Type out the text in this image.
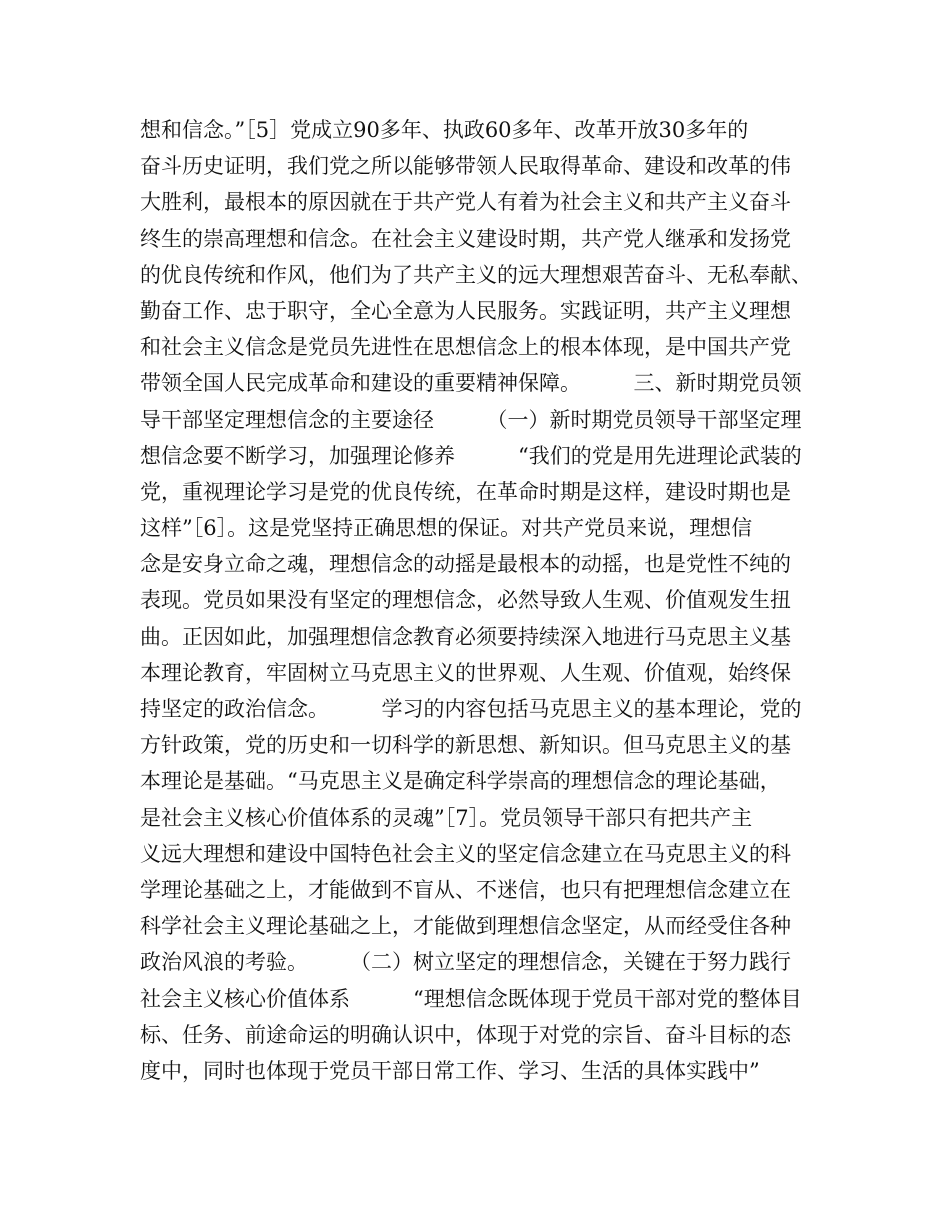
想和信念。”［5］党成立90多年、执政60多年、改革开放30多年的
奋斗历史证明，我们党之所以能够带领人民取得革命、建设和改革的伟
大胜利，最根本的原因就在于共产党人有着为社会主义和共产主义奋斗
终生的崇高理想和信念。在社会主义建设时期，共产党人继承和发扬党
的优良传统和作风，他们为了共产主义的远大理想艰苦奋斗、无私奉献、
勤奋工作、忠于职守，全心全意为人民服务。实践证明，共产主义理想
和社会主义信念是党员先进性在思想信念上的根本体现，是中国共产党
带领全国人民完成革命和建设的重要精神保障。　　　三、新时期党员领
导干部坚定理想信念的主要途径　　　（一）新时期党员领导干部坚定理
想信念要不断学习，加强理论修养　　　“我们的党是用先进理论武装的
党，重视理论学习是党的优良传统，在革命时期是这样，建设时期也是
这样”［6］。这是党坚持正确思想的保证。对共产党员来说，理想信
念是安身立命之魂，理想信念的动摇是最根本的动摇，也是党性不纯的
表现。党员如果没有坚定的理想信念，必然导致人生观、价值观发生扭
曲。正因如此，加强理想信念教育必须要持续深入地进行马克思主义基
本理论教育，牢固树立马克思主义的世界观、人生观、价值观，始终保
持坚定的政治信念。　　　学习的内容包括马克思主义的基本理论，党的
方针政策，党的历史和一切科学的新思想、新知识。但马克思主义的基
本理论是基础。“马克思主义是确定科学崇高的理想信念的理论基础，
是社会主义核心价值体系的灵魂”［7］。党员领导干部只有把共产主
义远大理想和建设中国特色社会主义的坚定信念建立在马克思主义的科
学理论基础之上，才能做到不盲从、不迷信，也只有把理想信念建立在
科学社会主义理论基础之上，才能做到理想信念坚定，从而经受住各种
政治风浪的考验。　　　（二）树立坚定的理想信念，关键在于努力践行
社会主义核心价值体系　　　“理想信念既体现于党员干部对党的整体目
标、任务、前途命运的明确认识中，体现于对党的宗旨、奋斗目标的态
度中，同时也体现于党员干部日常工作、学习、生活的具体实践中”
